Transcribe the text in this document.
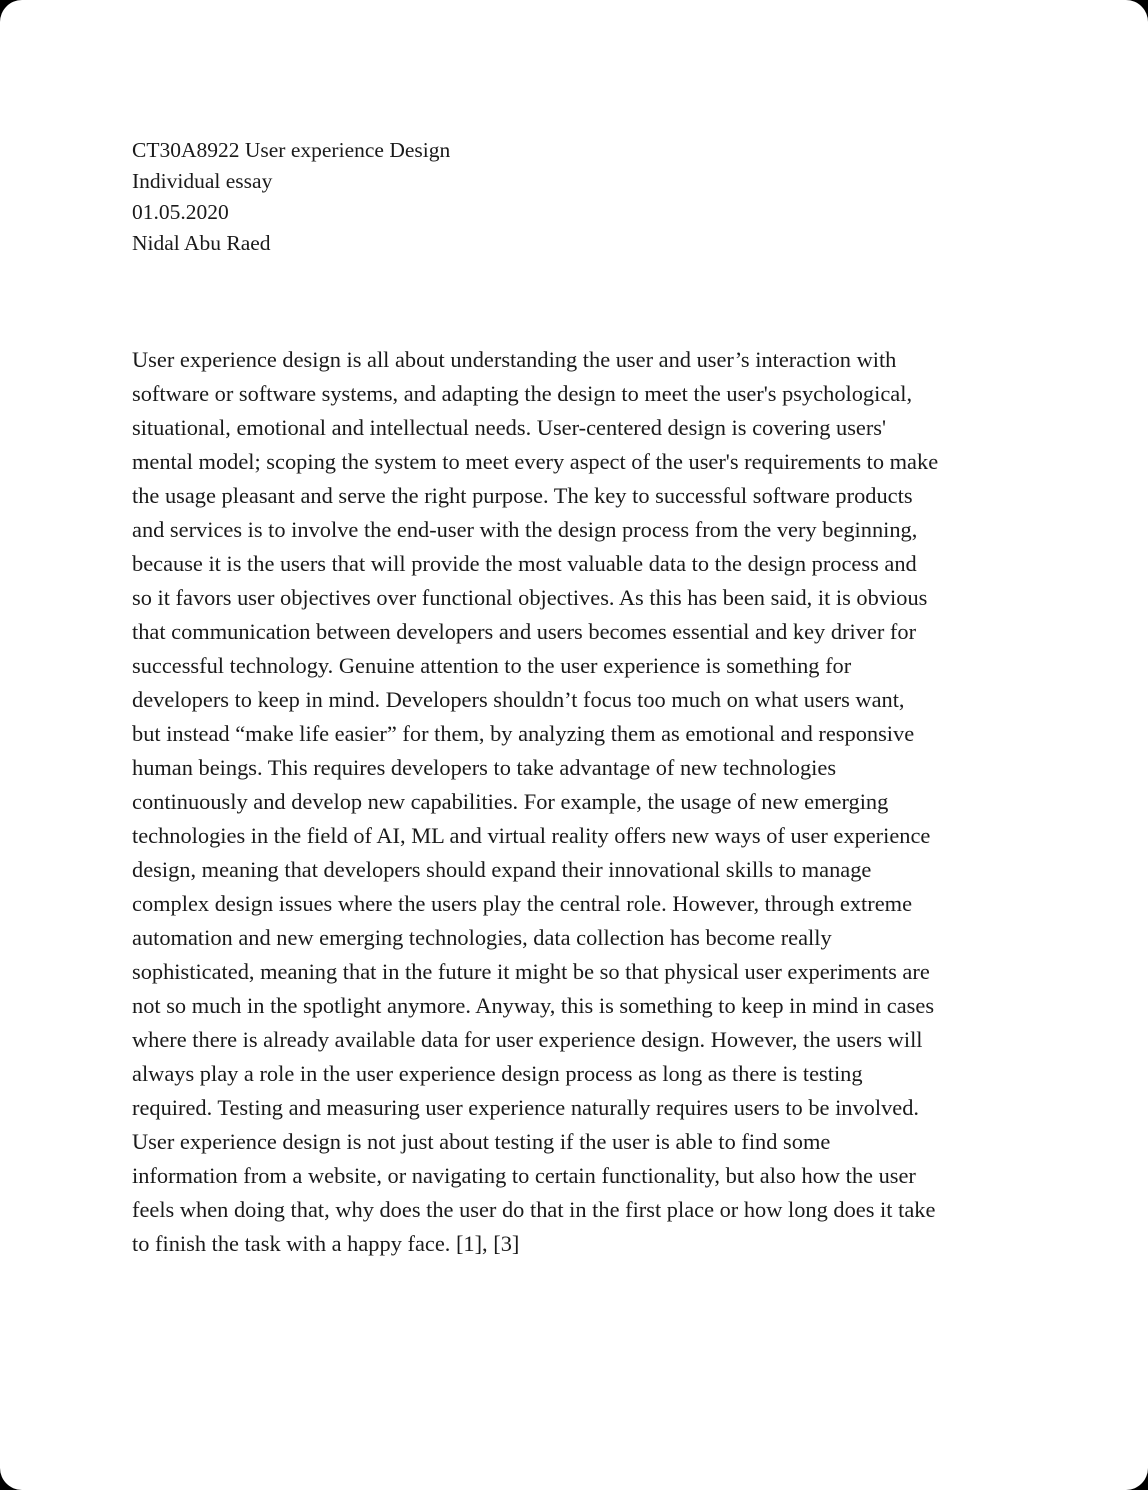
CT30A8922 User experience Design
Individual essay
01.05.2020
Nidal Abu Raed
User experience design is all about understanding the user and user’s interaction with
software or software systems, and adapting the design to meet the user's psychological,
situational, emotional and intellectual needs. User-centered design is covering users'
mental model; scoping the system to meet every aspect of the user's requirements to make
the usage pleasant and serve the right purpose. The key to successful software products
and services is to involve the end-user with the design process from the very beginning,
because it is the users that will provide the most valuable data to the design process and
so it favors user objectives over functional objectives. As this has been said, it is obvious
that communication between developers and users becomes essential and key driver for
successful technology. Genuine attention to the user experience is something for
developers to keep in mind. Developers shouldn’t focus too much on what users want,
but instead “make life easier” for them, by analyzing them as emotional and responsive
human beings. This requires developers to take advantage of new technologies
continuously and develop new capabilities. For example, the usage of new emerging
technologies in the field of AI, ML and virtual reality offers new ways of user experience
design, meaning that developers should expand their innovational skills to manage
complex design issues where the users play the central role. However, through extreme
automation and new emerging technologies, data collection has become really
sophisticated, meaning that in the future it might be so that physical user experiments are
not so much in the spotlight anymore. Anyway, this is something to keep in mind in cases
where there is already available data for user experience design. However, the users will
always play a role in the user experience design process as long as there is testing
required. Testing and measuring user experience naturally requires users to be involved.
User experience design is not just about testing if the user is able to find some
information from a website, or navigating to certain functionality, but also how the user
feels when doing that, why does the user do that in the first place or how long does it take
to finish the task with a happy face. [1], [3]
